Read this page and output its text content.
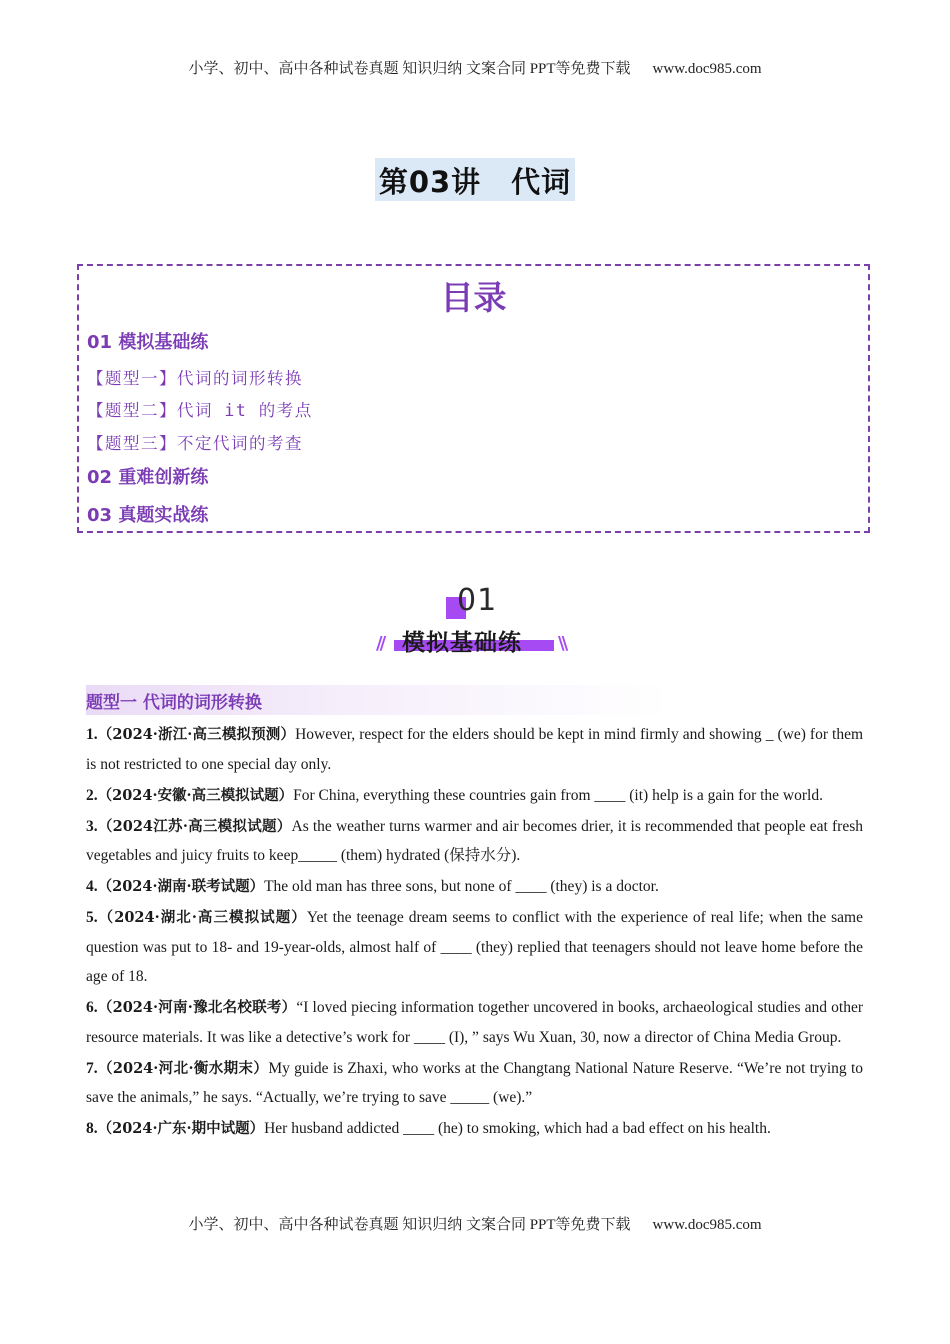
小学、初中、高中各种试卷真题 知识归纳 文案合同 PPT等免费下载 www.doc985.com
第03讲 代词
目录
01 模拟基础练
【题型一】代词的词形转换
【题型二】代词 it 的考点
【题型三】不定代词的考查
02 重难创新练
03 真题实战练
01
// 模拟基础练 \\
题型一 代词的词形转换

1.（2024·浙江·高三模拟预测）However, respect for the elders should be kept in mind firmly and showing _ (we) for them is not restricted to one special day only.

2.（2024·安徽·高三模拟试题）For China, everything these countries gain from ____ (it) help is a gain for the world.

3.（2024江苏·高三模拟试题）As the weather turns warmer and air becomes drier, it is recommended that people eat fresh vegetables and juicy fruits to keep_____ (them) hydrated (保持水分).

4.（2024·湖南·联考试题）The old man has three sons, but none of ____ (they) is a doctor.

5.（2024·湖北·高三模拟试题）Yet the teenage dream seems to conflict with the experience of real life; when the same question was put to 18- and 19-year-olds, almost half of ____ (they) replied that teenagers should not leave home before the age of 18.

6.（2024·河南·豫北名校联考）“I loved piecing information together uncovered in books, archaeological studies and other resource materials. It was like a detective’s work for ____ (I), ” says Wu Xuan, 30, now a director of China Media Group.

7.（2024·河北·衡水期末）My guide is Zhaxi, who works at the Changtang National Nature Reserve. “We’re not trying to save the animals,” he says. “Actually, we’re trying to save _____ (we).”

8.（2024·广东·期中试题）Her husband addicted ____ (he) to smoking, which had a bad effect on his health.

小学、初中、高中各种试卷真题 知识归纳 文案合同 PPT等免费下载 www.doc985.com
